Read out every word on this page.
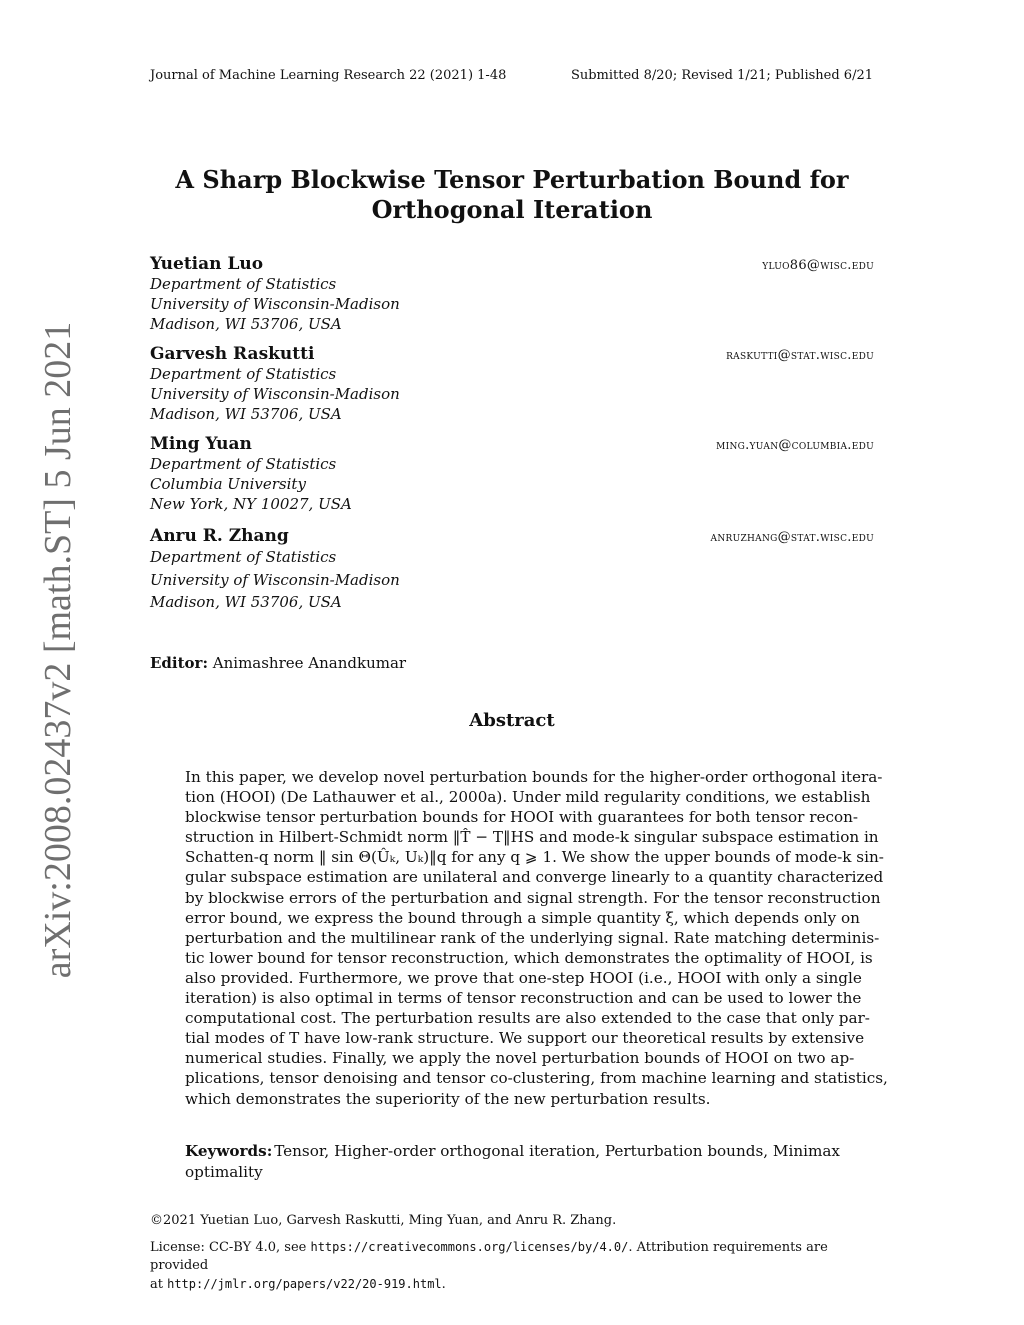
Journal of Machine Learning Research 22 (2021) 1-48	Submitted 8/20; Revised 1/21; Published 6/21
arXiv:2008.02437v2 [math.ST] 5 Jun 2021
A Sharp Blockwise Tensor Perturbation Bound for
Orthogonal Iteration
Yuetian Luo	yluo86@wisc.edu
Department of Statistics
University of Wisconsin-Madison
Madison, WI 53706, USA
Garvesh Raskutti	raskutti@stat.wisc.edu
Department of Statistics
University of Wisconsin-Madison
Madison, WI 53706, USA
Ming Yuan	ming.yuan@columbia.edu
Department of Statistics
Columbia University
New York, NY 10027, USA
Anru R. Zhang	anruzhang@stat.wisc.edu
Department of Statistics
University of Wisconsin-Madison
Madison, WI 53706, USA
Editor: Animashree Anandkumar
Abstract
In this paper, we develop novel perturbation bounds for the higher-order orthogonal itera-
tion (HOOI) (De Lathauwer et al., 2000a). Under mild regularity conditions, we establish
blockwise tensor perturbation bounds for HOOI with guarantees for both tensor recon-
struction in Hilbert-Schmidt norm ‖T̂ − T‖HS and mode-k singular subspace estimation in
Schatten-q norm ‖ sin Θ(Ûₖ, Uₖ)‖q for any q ⩾ 1. We show the upper bounds of mode-k sin-
gular subspace estimation are unilateral and converge linearly to a quantity characterized
by blockwise errors of the perturbation and signal strength. For the tensor reconstruction
error bound, we express the bound through a simple quantity ξ, which depends only on
perturbation and the multilinear rank of the underlying signal. Rate matching determinis-
tic lower bound for tensor reconstruction, which demonstrates the optimality of HOOI, is
also provided. Furthermore, we prove that one-step HOOI (i.e., HOOI with only a single
iteration) is also optimal in terms of tensor reconstruction and can be used to lower the
computational cost. The perturbation results are also extended to the case that only par-
tial modes of T have low-rank structure. We support our theoretical results by extensive
numerical studies. Finally, we apply the novel perturbation bounds of HOOI on two ap-
plications, tensor denoising and tensor co-clustering, from machine learning and statistics,
which demonstrates the superiority of the new perturbation results.
Keywords: Tensor, Higher-order orthogonal iteration, Perturbation bounds, Minimax
optimality
©2021 Yuetian Luo, Garvesh Raskutti, Ming Yuan, and Anru R. Zhang.
License: CC-BY 4.0, see https://creativecommons.org/licenses/by/4.0/. Attribution requirements are provided
at http://jmlr.org/papers/v22/20-919.html.
